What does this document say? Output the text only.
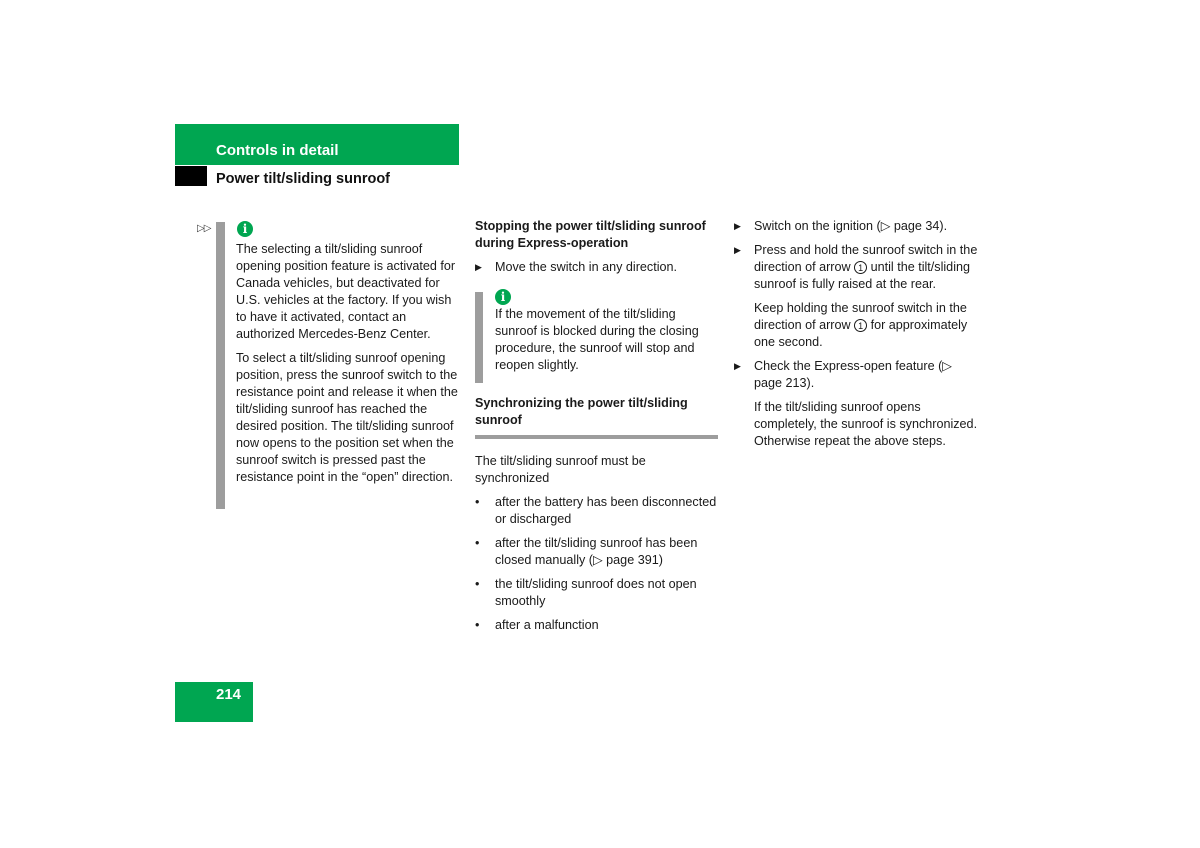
Controls in detail
Power tilt/sliding sunroof
▷▷	i

The selecting a tilt/sliding sunroof opening position feature is activated for Canada vehicles, but deactivated for U.S. vehicles at the factory. If you wish to have it activated, contact an authorized Mercedes-Benz Center.

To select a tilt/sliding sunroof opening position, press the sunroof switch to the resistance point and release it when the tilt/sliding sunroof has reached the desired position. The tilt/sliding sunroof now opens to the position set when the sunroof switch is pressed past the resistance point in the “open” direction.

Stopping the power tilt/sliding sunroof during Express-operation

▶	Move the switch in any direction.
i

If the movement of the tilt/sliding sunroof is blocked during the closing procedure, the sunroof will stop and reopen slightly.

Synchronizing the power tilt/sliding sunroof

The tilt/sliding sunroof must be synchronized

•	after the battery has been disconnected or discharged
•	after the tilt/sliding sunroof has been closed manually (▷ page 391)
•	the tilt/sliding sunroof does not open smoothly
•	after a malfunction
▶	Switch on the ignition (▷ page 34).
▶	Press and hold the sunroof switch in the direction of arrow 1 until the tilt/sliding sunroof is fully raised at the rear.

Keep holding the sunroof switch in the direction of arrow 1 for approximately one second.

▶	Check the Express-open feature (▷ page 213).

If the tilt/sliding sunroof opens completely, the sunroof is synchronized. Otherwise repeat the above steps.

214
